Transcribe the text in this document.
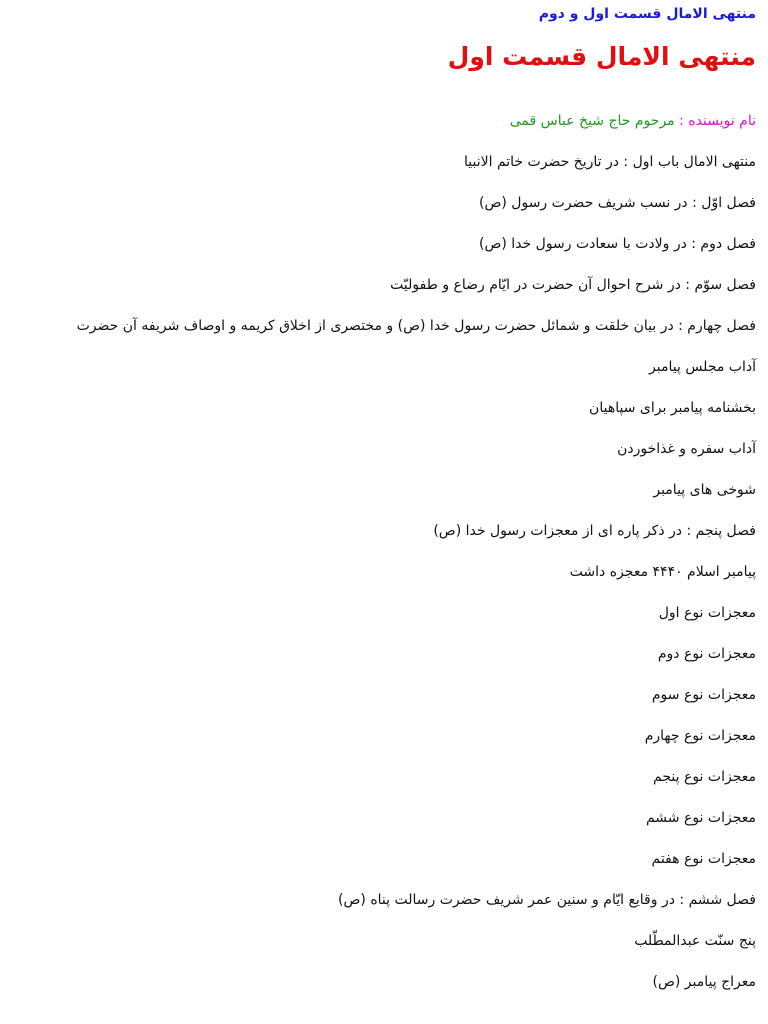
منتهی الامال قسمت اول و دوم
منتهی الامال قسمت اول
نام نویسنده : مرحوم حاج شیخ عباس قمی
منتهی الامال باب اول : در تاریخ حضرت خاتم الانبیا
فصل اوّل : در نسب شریف حضرت رسول (ص)
فصل دوم : در ولادت با سعادت رسول خدا (ص)
فصل سوّم : در شرح احوال آن حضرت در ایّام رضاع و طفولیّت
فصل چهارم : در بیان خلقت و شمائل حضرت رسول خدا (ص) و مختصری از اخلاق کریمه و اوصاف شریفه آن حضرت
آداب مجلس پیامبر
بخشنامه پیامبر برای سپاهیان
آداب سفره و غذاخوردن
شوخی های پیامبر
فصل پنجم : در ذکر پاره ای از معجزات رسول خدا (ص)
پیامبر اسلام ۴۴۴۰ معجزه داشت
معجزات نوع اول
معجزات نوع دوم
معجزات نوع سوم
معجزات نوع چهارم
معجزات نوع پنجم
معجزات نوع ششم
معجزات نوع هفتم
فصل ششم : در وقایع ایّام و سنین عمر شریف حضرت رسالت پناه (ص)
پنج سنّت عبدالمطّلب
معراج پیامبر (ص)
